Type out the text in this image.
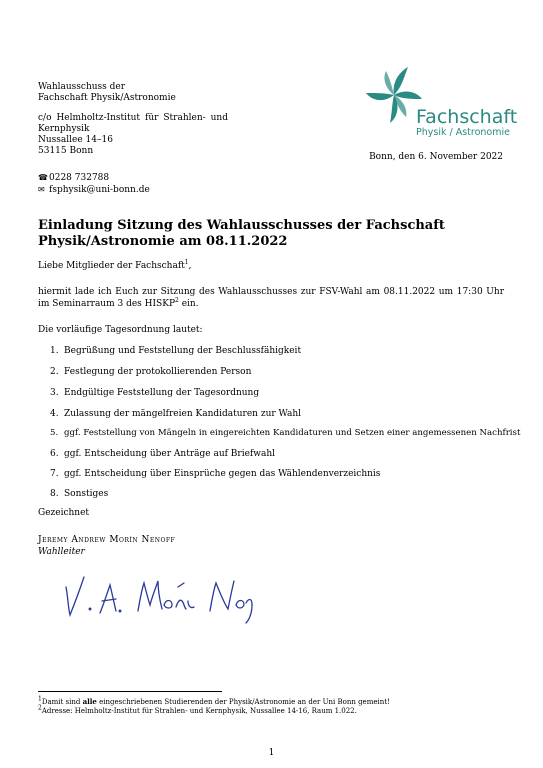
Wahlausschuss der
Fachschaft Physik/Astronomie
c/o Helmholtz-Institut für Strahlen- und
Kernphysik
Nussallee 14–16
53115 Bonn
☎0228 732788
✉ fsphysik@uni-bonn.de
Fachschaft
Physik / Astronomie
Bonn, den 6. November 2022
Einladung Sitzung des Wahlausschusses der Fachschaft Physik/Astronomie am 08.11.2022
Liebe Mitglieder der Fachschaft$^1$,
hiermit lade ich Euch zur Sitzung des Wahlausschusses zur FSV-Wahl am 08.11.2022 um 17:30 Uhr im Seminarraum 3 des HISKP$^2$ ein.
Die vorläufige Tagesordnung lautet:
1. Begrüßung und Feststellung der Beschlussfähigkeit
2. Festlegung der protokollierenden Person
3. Endgültige Feststellung der Tagesordnung
4. Zulassung der mängelfreien Kandidaturen zur Wahl
5. ggf. Feststellung von Mängeln in eingereichten Kandidaturen und Setzen einer angemessenen Nachfrist
6. ggf. Entscheidung über Anträge auf Briefwahl
7. ggf. Entscheidung über Einsprüche gegen das Wählendenverzeichnis
8. Sonstiges
Gezeichnet
Jeremy Andrew Morín Nenoff
Wahlleiter
$^1$Damit sind alle eingeschriebenen Studierenden der Physik/Astronomie an der Uni Bonn gemeint!
$^2$Adresse: Helmholtz-Institut für Strahlen- und Kernphysik, Nussallee 14-16, Raum 1.022.
1
